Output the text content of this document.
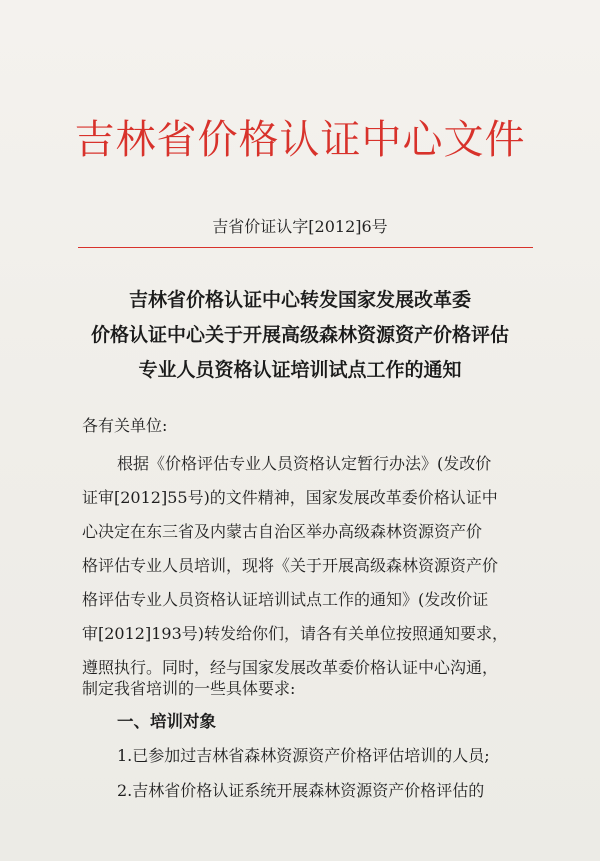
吉林省价格认证中心文件
吉省价证认字[2012]6号
吉林省价格认证中心转发国家发展改革委
价格认证中心关于开展高级森林资源资产价格评估
专业人员资格认证培训试点工作的通知
各有关单位:
根据《价格评估专业人员资格认定暂行办法》(发改价
证审[2012]55号)的文件精神，国家发展改革委价格认证中
心决定在东三省及内蒙古自治区举办高级森林资源资产价
格评估专业人员培训，现将《关于开展高级森林资源资产价
格评估专业人员资格认证培训试点工作的通知》(发改价证
审[2012]193号)转发给你们，请各有关单位按照通知要求，
遵照执行。同时，经与国家发展改革委价格认证中心沟通，
制定我省培训的一些具体要求:
一、培训对象
1.已参加过吉林省森林资源资产价格评估培训的人员;
2.吉林省价格认证系统开展森林资源资产价格评估的
